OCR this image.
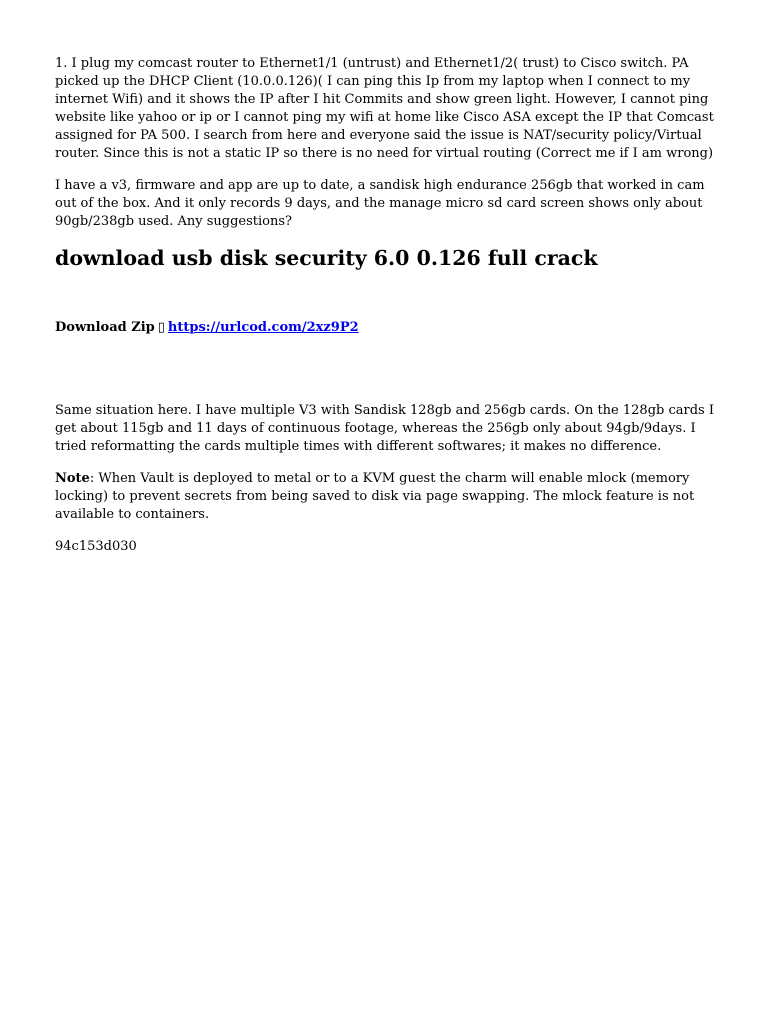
1. I plug my comcast router to Ethernet1/1 (untrust) and Ethernet1/2( trust) to Cisco switch. PA picked up the DHCP Client (10.0.0.126)( I can ping this Ip from my laptop when I connect to my internet Wifi) and it shows the IP after I hit Commits and show green light. However, I cannot ping website like yahoo or ip or I cannot ping my wifi at home like Cisco ASA except the IP that Comcast assigned for PA 500. I search from here and everyone said the issue is NAT/security policy/Virtual router. Since this is not a static IP so there is no need for virtual routing (Correct me if I am wrong)

I have a v3, firmware and app are up to date, a sandisk high endurance 256gb that worked in cam out of the box. And it only records 9 days, and the manage micro sd card screen shows only about 90gb/238gb used. Any suggestions?

download usb disk security 6.0 0.126 full crack
Download Zip ▯ https://urlcod.com/2xz9P2

Same situation here. I have multiple V3 with Sandisk 128gb and 256gb cards. On the 128gb cards I get about 115gb and 11 days of continuous footage, whereas the 256gb only about 94gb/9days. I tried reformatting the cards multiple times with different softwares; it makes no difference.

Note: When Vault is deployed to metal or to a KVM guest the charm will enable mlock (memory locking) to prevent secrets from being saved to disk via page swapping. The mlock feature is not available to containers.

94c153d030
